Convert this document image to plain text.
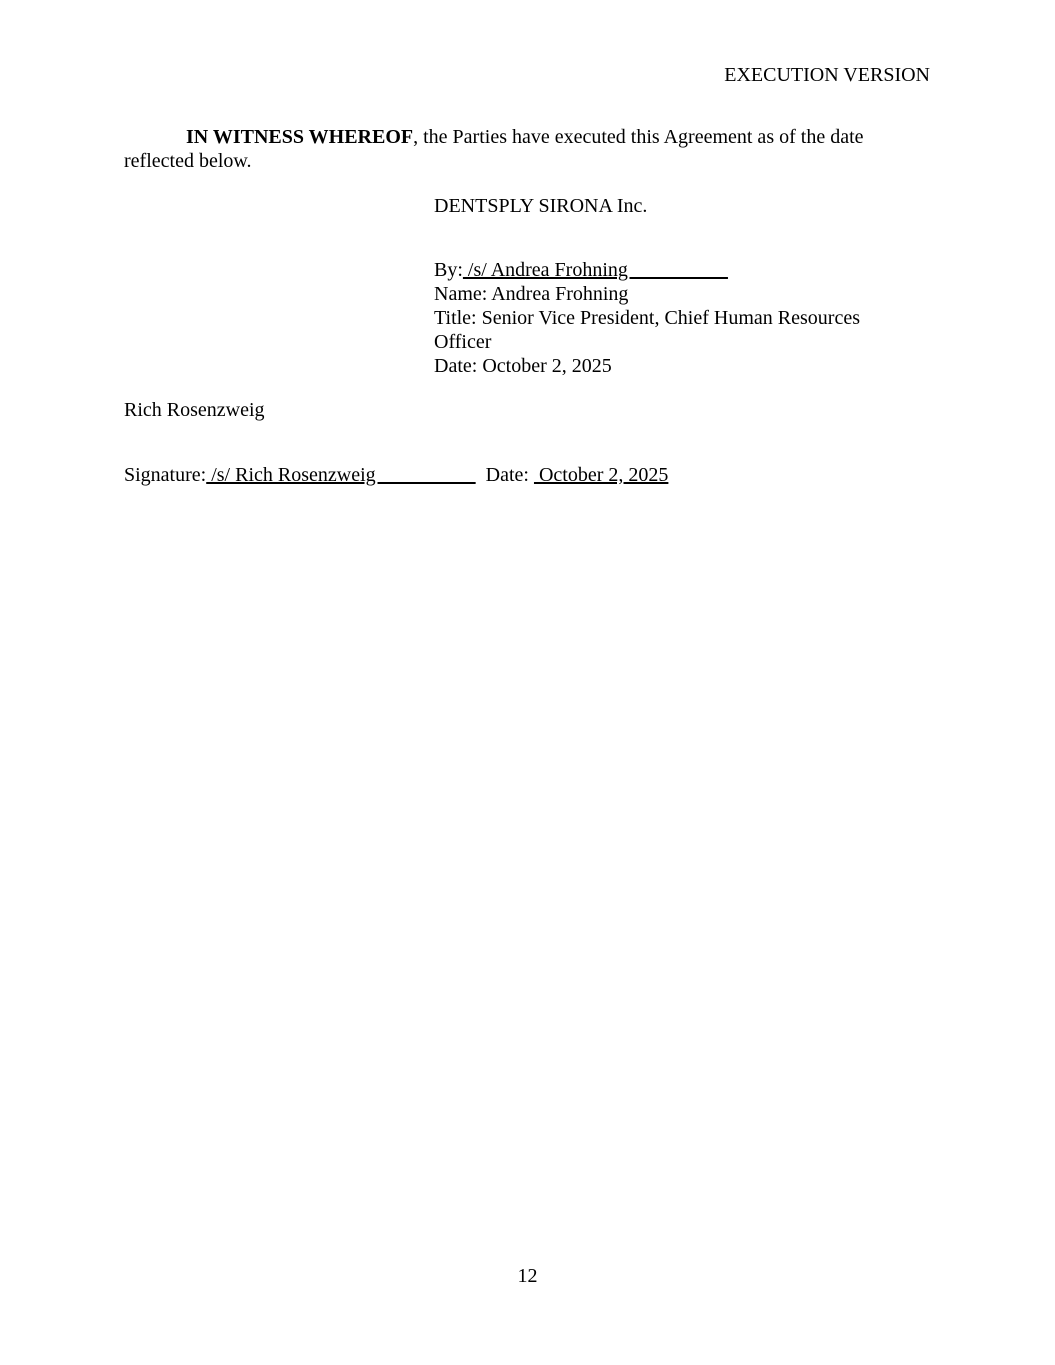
EXECUTION VERSION
IN WITNESS WHEREOF, the Parties have executed this Agreement as of the date reflected below.
DENTSPLY SIRONA Inc.
By: /s/ Andrea Frohning                  _
Name: Andrea Frohning
Title: Senior Vice President, Chief Human Resources Officer
Date: October 2, 2025
Rich Rosenzweig
Signature: /s/ Rich Rosenzweig                    Date:  October 2, 2025
12
